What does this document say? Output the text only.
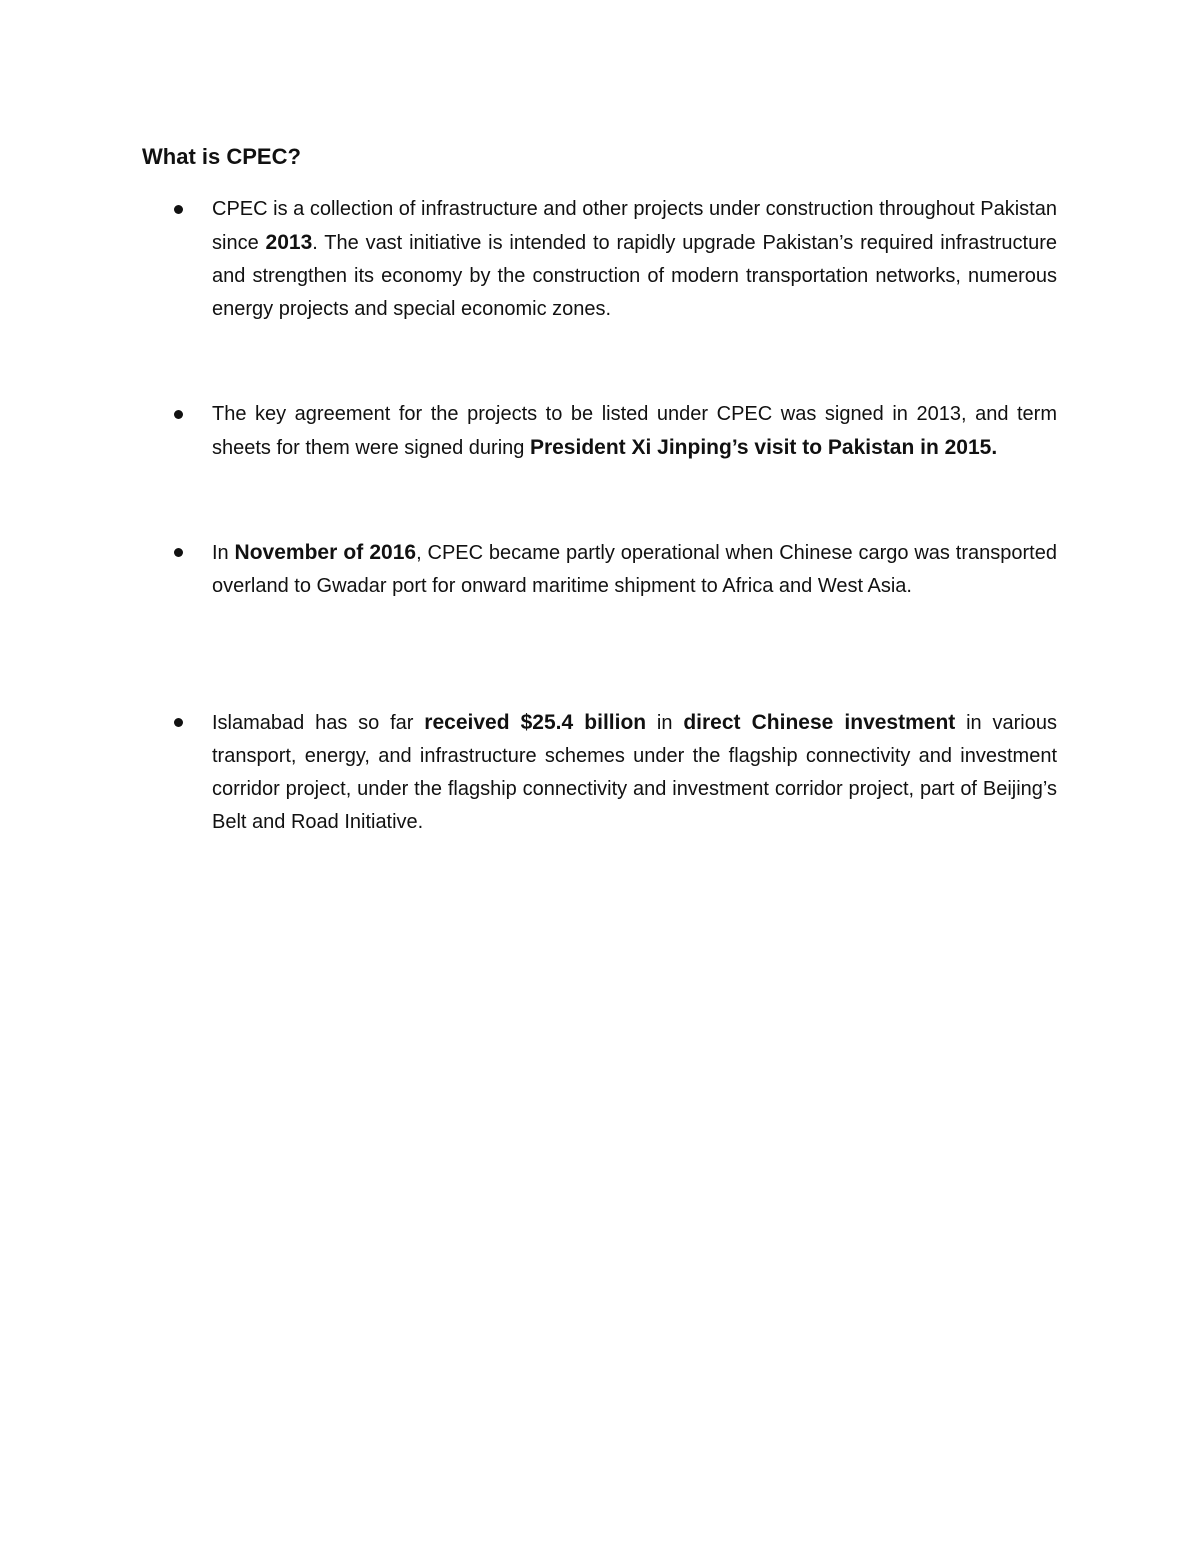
What is CPEC?
CPEC is a collection of infrastructure and other projects under construction throughout Pakistan since 2013. The vast initiative is intended to rapidly upgrade Pakistan’s required infrastructure and strengthen its economy by the construction of modern transportation networks, numerous energy projects and special economic zones.
The key agreement for the projects to be listed under CPEC was signed in 2013, and term sheets for them were signed during President Xi Jinping’s visit to Pakistan in 2015.
In November of 2016, CPEC became partly operational when Chinese cargo was transported overland to Gwadar port for onward maritime shipment to Africa and West Asia.
Islamabad has so far received $25.4 billion in direct Chinese investment in various transport, energy, and infrastructure schemes under the flagship connectivity and investment corridor project, under the flagship connectivity and investment corridor project, part of Beijing’s Belt and Road Initiative.
